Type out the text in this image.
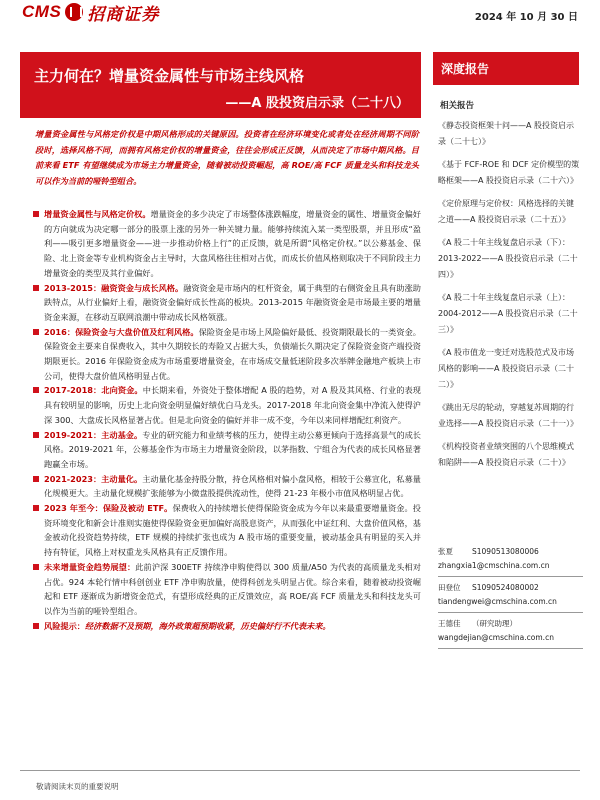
CMS 招商证券	2024 年 10 月 30 日
主力何在？增量资金属性与市场主线风格
——A 股投资启示录（二十八）
深度报告
增量资金属性与风格定价权是中期风格形成的关键原因。投资者在经济环境变化或者处在经济周期不同阶段时，选择风格不同，而拥有风格定价权的增量资金，往往会形成正反馈，从而决定了市场中期风格。目前来看 ETF 有望继续成为市场主力增量资金，随着被动投资崛起，高 ROE/高 FCF 质量龙头和科技龙头可以作为当前的哑铃型组合。

增量资金属性与风格定价权。增量资金的多少决定了市场整体涨跌幅度，增量资金的属性、增量资金偏好的方向就成为决定哪一部分的股票上涨的另外一种关键力量。能够持续流入某一类型股票，并且形成“盈利——吸引更多增量资金——进一步推动价格上行”的正反馈，就是所谓“风格定价权。”以公募基金、保险、北上资金等专业机构资金占主导时，大盘风格往往相对占优，而成长价值风格则取决于不同阶段主力增量资金的类型及其行业偏好。

2013-2015：融资资金与成长风格。融资资金是市场内的杠杆资金，属于典型的右侧资金且具有助涨助跌特点，从行业偏好上看，融资资金偏好成长性高的板块。2013-2015 年融资资金是市场最主要的增量资金来源，在移动互联网浪潮中带动成长风格领涨。

2016：保险资金与大盘价值及红利风格。保险资金是市场上风险偏好最低、投资期限最长的一类资金。保险资金主要来自保费收入，其中久期较长的寿险又占据大头，负债端长久期决定了保险资金资产端投资期限更长。2016 年保险资金成为市场重要增量资金，在市场成交量低迷阶段多次举牌金融地产板块上市公司，使得大盘价值风格明显占优。

2017-2018：北向资金。中长期来看，外资处于整体增配 A 股的趋势，对 A 股及其风格、行业的表现具有较明显的影响，历史上北向资金明显偏好绩优白马龙头。2017-2018 年北向资金集中净流入使得沪深 300、大盘成长风格显著占优。但是北向资金的偏好并非一成不变，今年以来同样增配红利资产。

2019-2021：主动基金。专业的研究能力和业绩考核的压力，使得主动公募更倾向于选择高景气的成长风格。2019-2021 年，公募基金作为市场主力增量资金阶段，以茅指数、宁组合为代表的成长风格显著跑赢全市场。

2021-2023：主动量化。主动量化基金持股分散，持仓风格相对偏小盘风格，相较于公募宣化，私募量化规模更大。主动量化规模扩张能够为小微盘股提供流动性，使得 21-23 年极小市值风格明显占优。

2023 年至今：保险及被动 ETF。保费收入的持续增长使得保险资金成为今年以来最重要增量资金。投资环境变化和新会计准则实施使得保险资金更加偏好高股息资产，从而强化中证红利、大盘价值风格，基金被动化投资趋势持续，ETF 规模的持续扩张也成为 A 股市场的重要变量，被动基金具有明显的买入并持有特征，风格上对权重龙头风格具有正反馈作用。

未来增量资金趋势展望：此前沪深 300ETF 持续净申购使得以 300 质量/A50 为代表的高质量龙头相对占优。924 本轮行情中科创创业 ETF 净申购放量，使得科创龙头明显占优。综合来看，随着被动投资崛起和 ETF 逐渐成为新增资金范式，有望形成经典的正反馈效应，高 ROE/高 FCF 质量龙头和科技龙头可以作为当前的哑铃型组合。

风险提示：经济数据不及预期，海外政策超预期收紧，历史偏好行不代表未来。

相关报告
《静态投资框架十问——A 股投资启示录（二十七）》
《基于 FCF-ROE 和 DCF 定价模型的策略框架——A 股投资启示录（二十六）》
《定价原理与定价权：风格选择的关键之道——A 股投资启示录（二十五）》
《A 股二十年主线复盘启示录（下）：2013-2022——A 股投资启示录（二十四）》
《A 股二十年主线复盘启示录（上）：2004-2012——A 股投资启示录（二十三）》
《A 股市值龙一变迁对选股范式及市场风格的影响——A 股投资启示录（二十二）》
《跳出无尽的轮动，穿越复苏周期的行业选择——A 股投资启示录（二十一）》
《机构投资者业绩突围的八个思维模式和陷阱——A 股投资启示录（二十）》
张夏	S1090513080006
zhangxia1@cmschina.com.cn
田登位 S1090524080002
tiandengwei@cmschina.com.cn
王德佳 （研究助理）
wangdejian@cmschina.com.cn
敬请阅读末页的重要说明
